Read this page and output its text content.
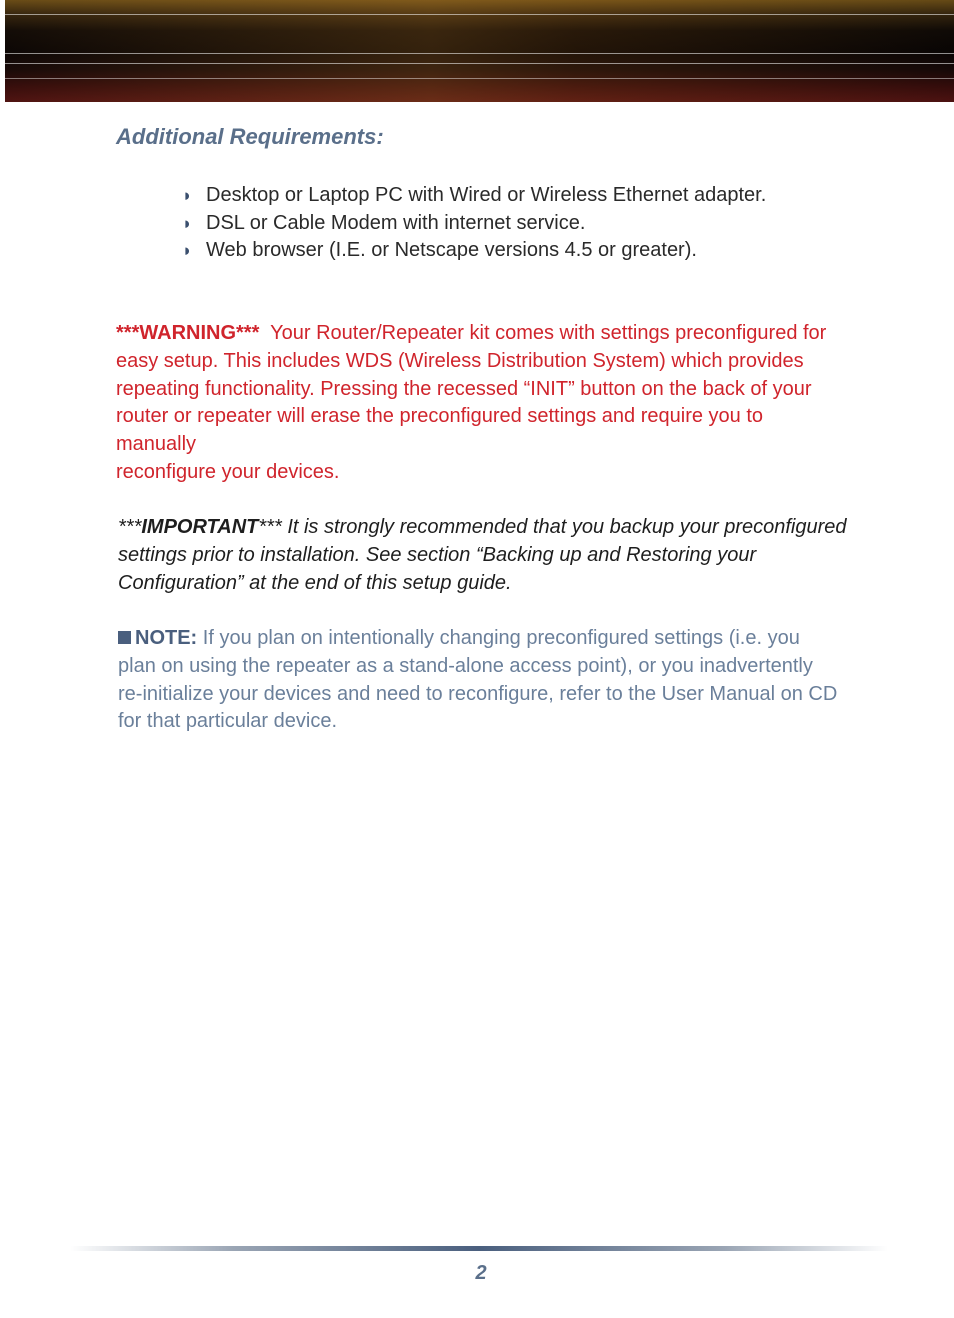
Additional Requirements:
◗ Desktop or Laptop PC with Wired or Wireless Ethernet adapter.
◗ DSL or Cable Modem with internet service.
◗ Web browser (I.E. or Netscape versions 4.5 or greater).

***WARNING*** Your Router/Repeater kit comes with settings preconfigured for easy setup. This includes WDS (Wireless Distribution System) which provides repeating functionality. Pressing the recessed “INIT” button on the back of your router or repeater will erase the preconfigured settings and require you to manually
reconfigure your devices.

***IMPORTANT*** It is strongly recommended that you backup your preconfigured settings prior to installation. See section “Backing up and Restoring your Configuration” at the end of this setup guide.

NOTE: If you plan on intentionally changing preconfigured settings (i.e. you plan on using the repeater as a stand-alone access point), or you inadvertently re-initialize your devices and need to reconfigure, refer to the User Manual on CD for that particular device.

2
